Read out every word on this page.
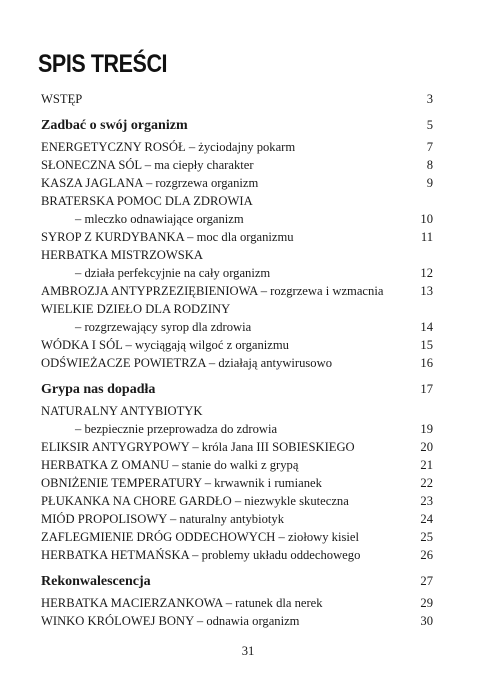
SPIS TREŚCI
WSTĘP	3
Zadbać o swój organizm	5
ENERGETYCZNY ROSÓŁ – życiodajny pokarm	7
SŁONECZNA SÓL – ma ciepły charakter	8
KASZA JAGLANA – rozgrzewa organizm	9
BRATERSKA POMOC DLA ZDROWIA
– mleczko odnawiające organizm	10
SYROP Z KURDYBANKA – moc dla organizmu	11
HERBATKA MISTRZOWSKA
– działa perfekcyjnie na cały organizm	12
AMBROZJA ANTYPRZEZIĘBIENIOWA – rozgrzewa i wzmacnia	13
WIELKIE DZIEŁO DLA RODZINY
– rozgrzewający syrop dla zdrowia	14
WÓDKA I SÓL – wyciągają wilgoć z organizmu	15
ODŚWIEŻACZE POWIETRZA – działają antywirusowo	16
Grypa nas dopadła	17
NATURALNY ANTYBIOTYK
– bezpiecznie przeprowadza do zdrowia	19
ELIKSIR ANTYGRYPOWY – króla Jana III SOBIESKIEGO	20
HERBATKA Z OMANU – stanie do walki z grypą	21
OBNIŻENIE TEMPERATURY – krwawnik i rumianek	22
PŁUKANKA NA CHORE GARDŁO – niezwykle skuteczna	23
MIÓD PROPOLISOWY – naturalny antybiotyk	24
ZAFLEGMIENIE DRÓG ODDECHOWYCH – ziołowy kisiel	25
HERBATKA HETMAŃSKA – problemy układu oddechowego	26
Rekonwalescencja	27
HERBATKA MACIERZANKOWA – ratunek dla nerek	29
WINKO KRÓLOWEJ BONY – odnawia organizm	30
31
